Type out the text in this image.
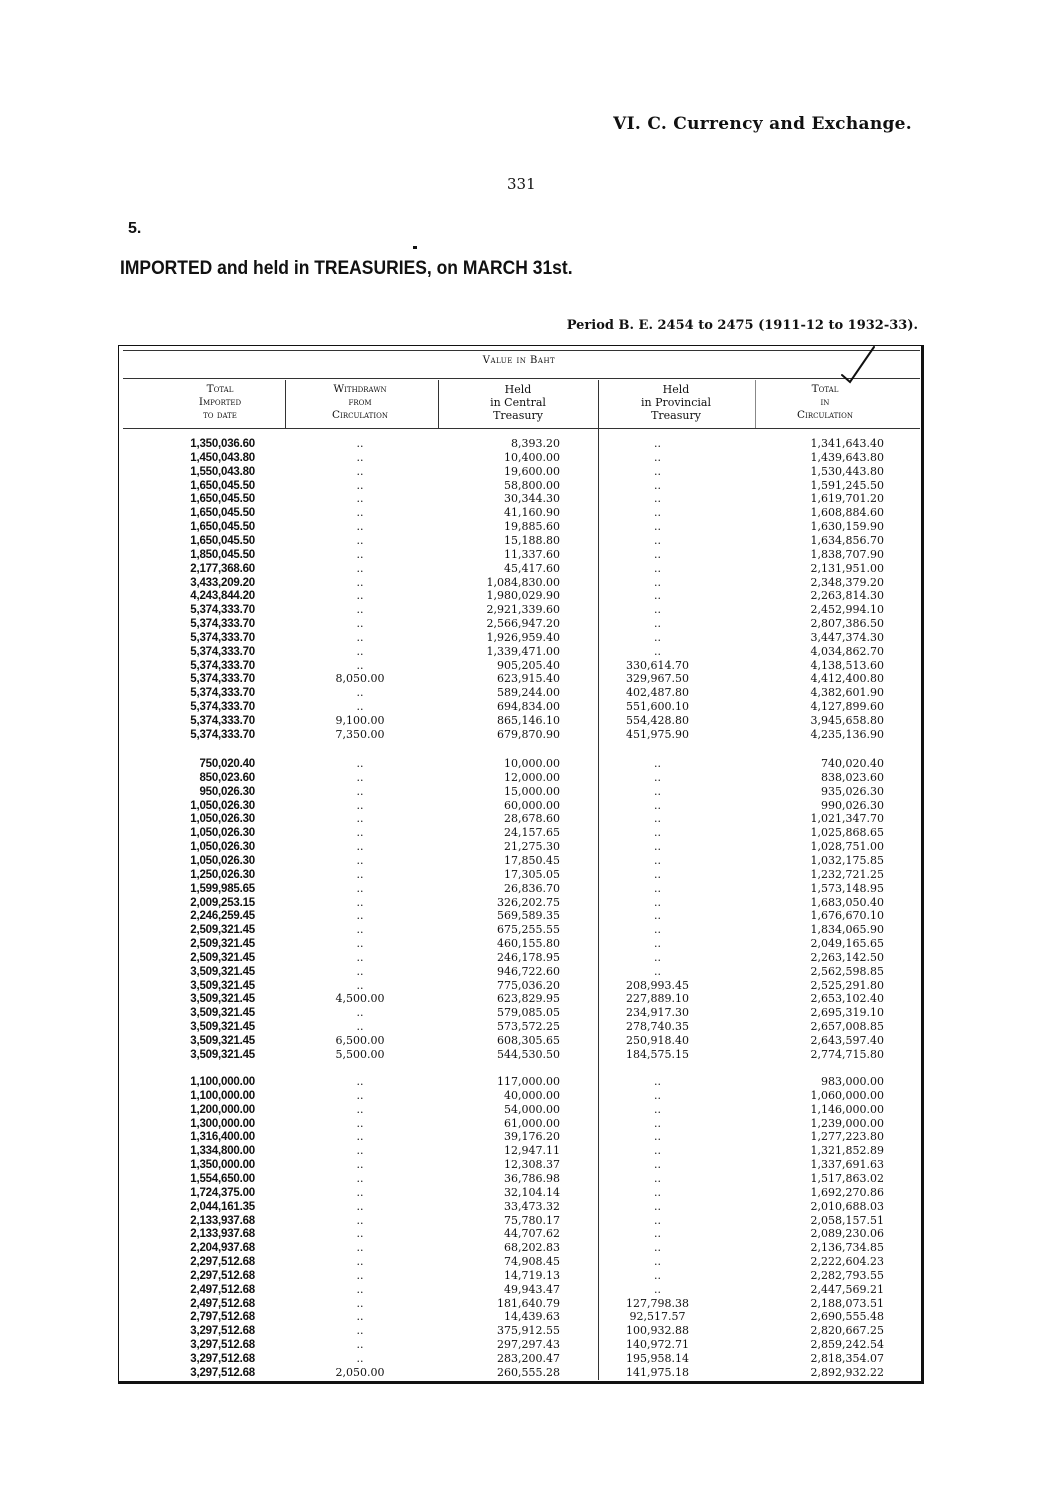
VI. C. Currency and Exchange.
331
5.
IMPORTED and held in TREASURIES, on MARCH 31st.
Period B. E. 2454 to 2475 (1911-12 to 1932-33).
Value in Baht
Total
Imported
to date
Withdrawn
from
Circulation
Held
in Central
Treasury
Held
in Provincial
Treasury
Total
in
Circulation
1,350,036.60	..	8,393.20	..	1,341,643.40
1,450,043.80	..	10,400.00	..	1,439,643.80
1,550,043.80	..	19,600.00	..	1,530,443.80
1,650,045.50	..	58,800.00	..	1,591,245.50
1,650,045.50	..	30,344.30	..	1,619,701.20
1,650,045.50	..	41,160.90	..	1,608,884.60
1,650,045.50	..	19,885.60	..	1,630,159.90
1,650,045.50	..	15,188.80	..	1,634,856.70
1,850,045.50	..	11,337.60	..	1,838,707.90
2,177,368.60	..	45,417.60	..	2,131,951.00
3,433,209.20	..	1,084,830.00	..	2,348,379.20
4,243,844.20	..	1,980,029.90	..	2,263,814.30
5,374,333.70	..	2,921,339.60	..	2,452,994.10
5,374,333.70	..	2,566,947.20	..	2,807,386.50
5,374,333.70	..	1,926,959.40	..	3,447,374.30
5,374,333.70	..	1,339,471.00	..	4,034,862.70
5,374,333.70	..	905,205.40	330,614.70	4,138,513.60
5,374,333.70	8,050.00	623,915.40	329,967.50	4,412,400.80
5,374,333.70	..	589,244.00	402,487.80	4,382,601.90
5,374,333.70	..	694,834.00	551,600.10	4,127,899.60
5,374,333.70	9,100.00	865,146.10	554,428.80	3,945,658.80
5,374,333.70	7,350.00	679,870.90	451,975.90	4,235,136.90
750,020.40	..	10,000.00	..	740,020.40
850,023.60	..	12,000.00	..	838,023.60
950,026.30	..	15,000.00	..	935,026.30
1,050,026.30	..	60,000.00	..	990,026.30
1,050,026.30	..	28,678.60	..	1,021,347.70
1,050,026.30	..	24,157.65	..	1,025,868.65
1,050,026.30	..	21,275.30	..	1,028,751.00
1,050,026.30	..	17,850.45	..	1,032,175.85
1,250,026.30	..	17,305.05	..	1,232,721.25
1,599,985.65	..	26,836.70	..	1,573,148.95
2,009,253.15	..	326,202.75	..	1,683,050.40
2,246,259.45	..	569,589.35	..	1,676,670.10
2,509,321.45	..	675,255.55	..	1,834,065.90
2,509,321.45	..	460,155.80	..	2,049,165.65
2,509,321.45	..	246,178.95	..	2,263,142.50
3,509,321.45	..	946,722.60	..	2,562,598.85
3,509,321.45	..	775,036.20	208,993.45	2,525,291.80
3,509,321.45	4,500.00	623,829.95	227,889.10	2,653,102.40
3,509,321.45	..	579,085.05	234,917.30	2,695,319.10
3,509,321.45	..	573,572.25	278,740.35	2,657,008.85
3,509,321.45	6,500.00	608,305.65	250,918.40	2,643,597.40
3,509,321.45	5,500.00	544,530.50	184,575.15	2,774,715.80
1,100,000.00	..	117,000.00	..	983,000.00
1,100,000.00	..	40,000.00	..	1,060,000.00
1,200,000.00	..	54,000.00	..	1,146,000.00
1,300,000.00	..	61,000.00	..	1,239,000.00
1,316,400.00	..	39,176.20	..	1,277,223.80
1,334,800.00	..	12,947.11	..	1,321,852.89
1,350,000.00	..	12,308.37	..	1,337,691.63
1,554,650.00	..	36,786.98	..	1,517,863.02
1,724,375.00	..	32,104.14	..	1,692,270.86
2,044,161.35	..	33,473.32	..	2,010,688.03
2,133,937.68	..	75,780.17	..	2,058,157.51
2,133,937.68	..	44,707.62	..	2,089,230.06
2,204,937.68	..	68,202.83	..	2,136,734.85
2,297,512.68	..	74,908.45	..	2,222,604.23
2,297,512.68	..	14,719.13	..	2,282,793.55
2,497,512.68	..	49,943.47	..	2,447,569.21
2,497,512.68	..	181,640.79	127,798.38	2,188,073.51
2,797,512.68	..	14,439.63	92,517.57	2,690,555.48
3,297,512.68	..	375,912.55	100,932.88	2,820,667.25
3,297,512.68	..	297,297.43	140,972.71	2,859,242.54
3,297,512.68	..	283,200.47	195,958.14	2,818,354.07
3,297,512.68	2,050.00	260,555.28	141,975.18	2,892,932.22
